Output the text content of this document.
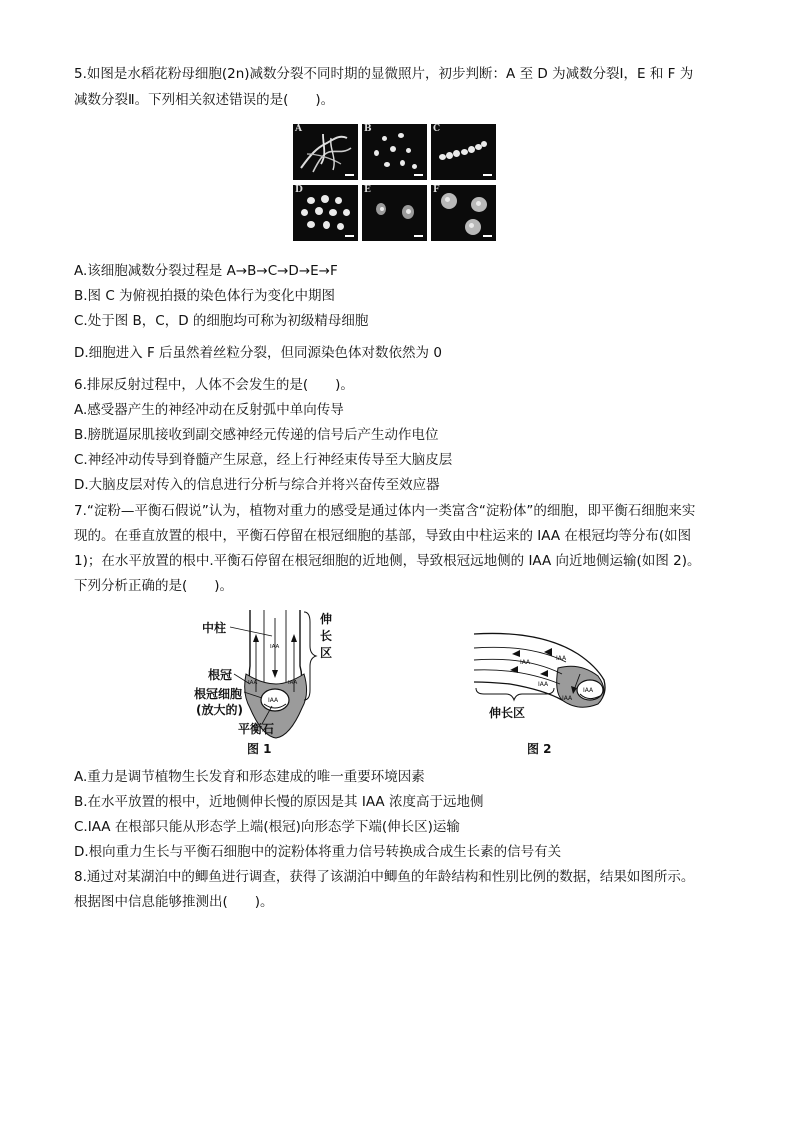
5.如图是水稻花粉母细胞(2n)减数分裂不同时期的显微照片，初步判断：A 至 D 为减数分裂Ⅰ，E 和 F 为
减数分裂Ⅱ。下列相关叙述错误的是(　　)。
A	B	C
D	E	F
A.该细胞减数分裂过程是 A→B→C→D→E→F
B.图 C 为俯视拍摄的染色体行为变化中期图
C.处于图 B，C，D 的细胞均可称为初级精母细胞
D.细胞进入 F 后虽然着丝粒分裂，但同源染色体对数依然为 0
6.排尿反射过程中，人体不会发生的是(　　)。
A.感受器产生的神经冲动在反射弧中单向传导
B.膀胱逼尿肌接收到副交感神经元传递的信号后产生动作电位
C.神经冲动传导到脊髓产生尿意，经上行神经束传导至大脑皮层
D.大脑皮层对传入的信息进行分析与综合并将兴奋传至效应器
7.“淀粉—平衡石假说”认为，植物对重力的感受是通过体内一类富含“淀粉体”的细胞，即平衡石细胞来实
现的。在垂直放置的根中，平衡石停留在根冠细胞的基部，导致由中柱运来的 IAA 在根冠均等分布(如图
1)；在水平放置的根中.平衡石停留在根冠细胞的近地侧，导致根冠远地侧的 IAA 向近地侧运输(如图 2)。
下列分析正确的是(　　)。
IAA
IAA
IAA	IAA
中柱
伸
长
区
根冠
根冠细胞
(放大的)
平衡石
图 1
IAA
IAA
IAA
IAA
IAA
伸长区
图 2
A.重力是调节植物生长发育和形态建成的唯一重要环境因素
B.在水平放置的根中，近地侧伸长慢的原因是其 IAA 浓度高于远地侧
C.IAA 在根部只能从形态学上端(根冠)向形态学下端(伸长区)运输
D.根向重力生长与平衡石细胞中的淀粉体将重力信号转换成合成生长素的信号有关
8.通过对某湖泊中的鲫鱼进行调查，获得了该湖泊中鲫鱼的年龄结构和性别比例的数据，结果如图所示。
根据图中信息能够推测出(　　)。
